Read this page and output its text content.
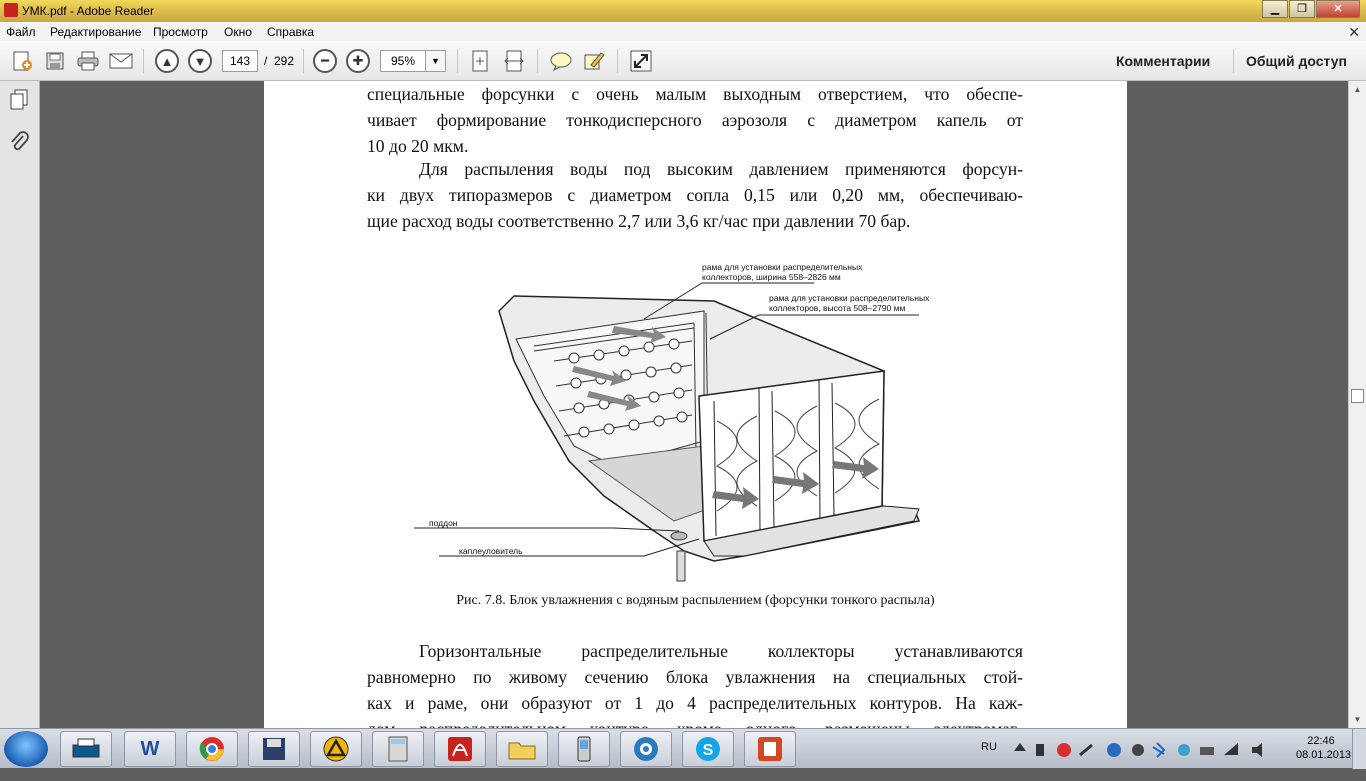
УМК.pdf - Adobe Reader	▁	❐	✕
Файл Редактирование Просмотр Окно Справка	✕
▲	▼	143	/ 292	━	✚	95%	▼	Комментарии	Общий доступ
специальные форсунки с очень малым выходным отверстием, что обеспе-
чивает формирование тонкодисперсного аэрозоля с диаметром капель от
10 до 20 мкм.
Для распыления воды под высоким давлением применяются форсун-
ки двух типоразмеров с диаметром сопла 0,15 или 0,20 мм, обеспечиваю-
щие расход воды соответственно 2,7 или 3,6 кг/час при давлении 70 бар.
рама для установки распределительных
коллекторов, ширина 558–2826 мм
рама для установки распределительных
коллекторов, высота 508–2790 мм
поддон
каплеуловитель
Рис. 7.8. Блок увлажнения с водяным распылением (форсунки тонкого распыла)
Горизонтальные распределительные коллекторы устанавливаются
равномерно по живому сечению блока увлажнения на специальных стой-
ках и раме, они образуют от 1 до 4 распределительных контуров. На каж-
▲
▼
W	S	RU	22:46
08.01.2013
